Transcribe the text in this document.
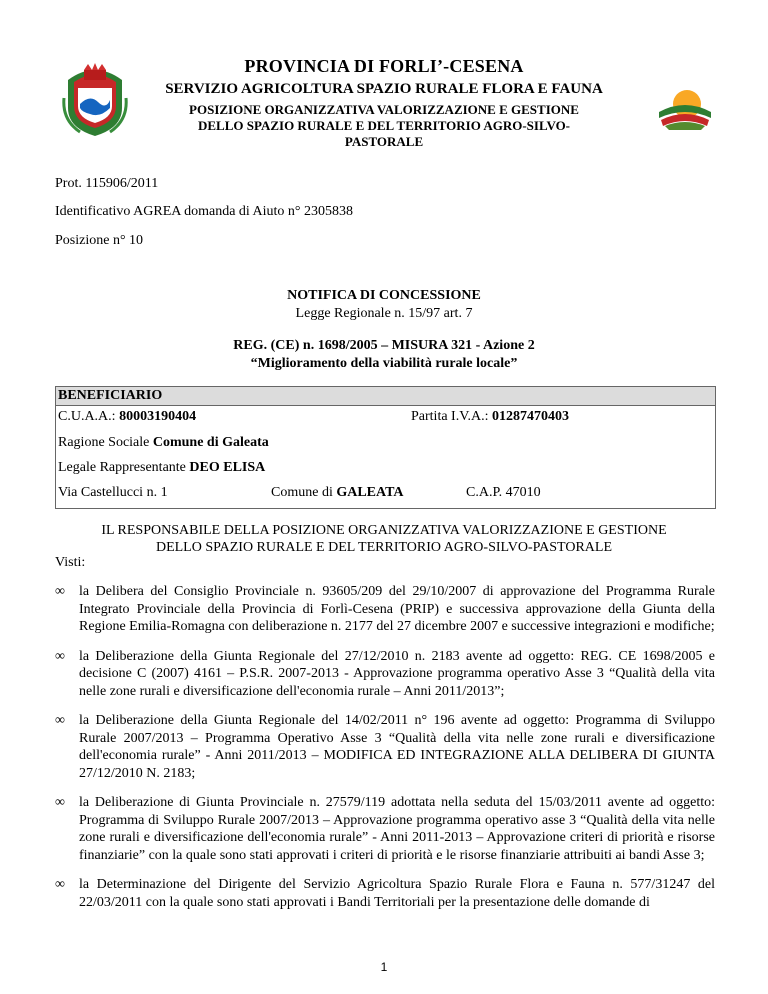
PROVINCIA DI FORLI’-CESENA
SERVIZIO AGRICOLTURA SPAZIO RURALE FLORA E FAUNA
POSIZIONE ORGANIZZATIVA VALORIZZAZIONE E GESTIONE
DELLO SPAZIO RURALE E DEL TERRITORIO AGRO-SILVO-
PASTORALE
Prot. 115906/2011
Identificativo AGREA domanda di Aiuto n° 2305838
Posizione n° 10
NOTIFICA DI CONCESSIONE
Legge Regionale n. 15/97 art. 7
REG. (CE) n. 1698/2005 – MISURA 321 - Azione 2
“Miglioramento della viabilità rurale locale”
BENEFICIARIO
C.U.A.A.: 80003190404	Partita I.V.A.: 01287470403
Ragione Sociale Comune di Galeata
Legale Rappresentante DEO ELISA
Via Castellucci n. 1	Comune di GALEATA	C.A.P. 47010
IL RESPONSABILE DELLA POSIZIONE ORGANIZZATIVA VALORIZZAZIONE E GESTIONE
DELLO SPAZIO RURALE E DEL TERRITORIO AGRO-SILVO-PASTORALE
Visti:
∞ la Delibera del Consiglio Provinciale n. 93605/209 del 29/10/2007 di approvazione del Programma Rurale Integrato Provinciale della Provincia di Forlì-Cesena (PRIP) e successiva approvazione della Giunta della Regione Emilia-Romagna con deliberazione n. 2177 del 27 dicembre 2007 e successive integrazioni e modifiche;
∞ la Deliberazione della Giunta Regionale del 27/12/2010 n. 2183 avente ad oggetto: REG. CE 1698/2005 e decisione C (2007) 4161 – P.S.R. 2007-2013 - Approvazione programma operativo Asse 3 “Qualità della vita nelle zone rurali e diversificazione dell'economia rurale – Anni 2011/2013”;
∞ la Deliberazione della Giunta Regionale del 14/02/2011 n° 196 avente ad oggetto: Programma di Sviluppo Rurale 2007/2013 – Programma Operativo Asse 3 “Qualità della vita nelle zone rurali e diversificazione dell'economia rurale” - Anni 2011/2013 – MODIFICA ED INTEGRAZIONE ALLA DELIBERA DI GIUNTA 27/12/2010 N. 2183;
∞ la Deliberazione di Giunta Provinciale n. 27579/119 adottata nella seduta del 15/03/2011 avente ad oggetto: Programma di Sviluppo Rurale 2007/2013 – Approvazione programma operativo asse 3 “Qualità della vita nelle zone rurali e diversificazione dell'economia rurale” - Anni 2011-2013 – Approvazione criteri di priorità e risorse finanziarie” con la quale sono stati approvati i criteri di priorità e le risorse finanziarie attribuiti ai bandi Asse 3;
∞ la Determinazione del Dirigente del Servizio Agricoltura Spazio Rurale Flora e Fauna n. 577/31247 del 22/03/2011 con la quale sono stati approvati i Bandi Territoriali per la presentazione delle domande di
1
